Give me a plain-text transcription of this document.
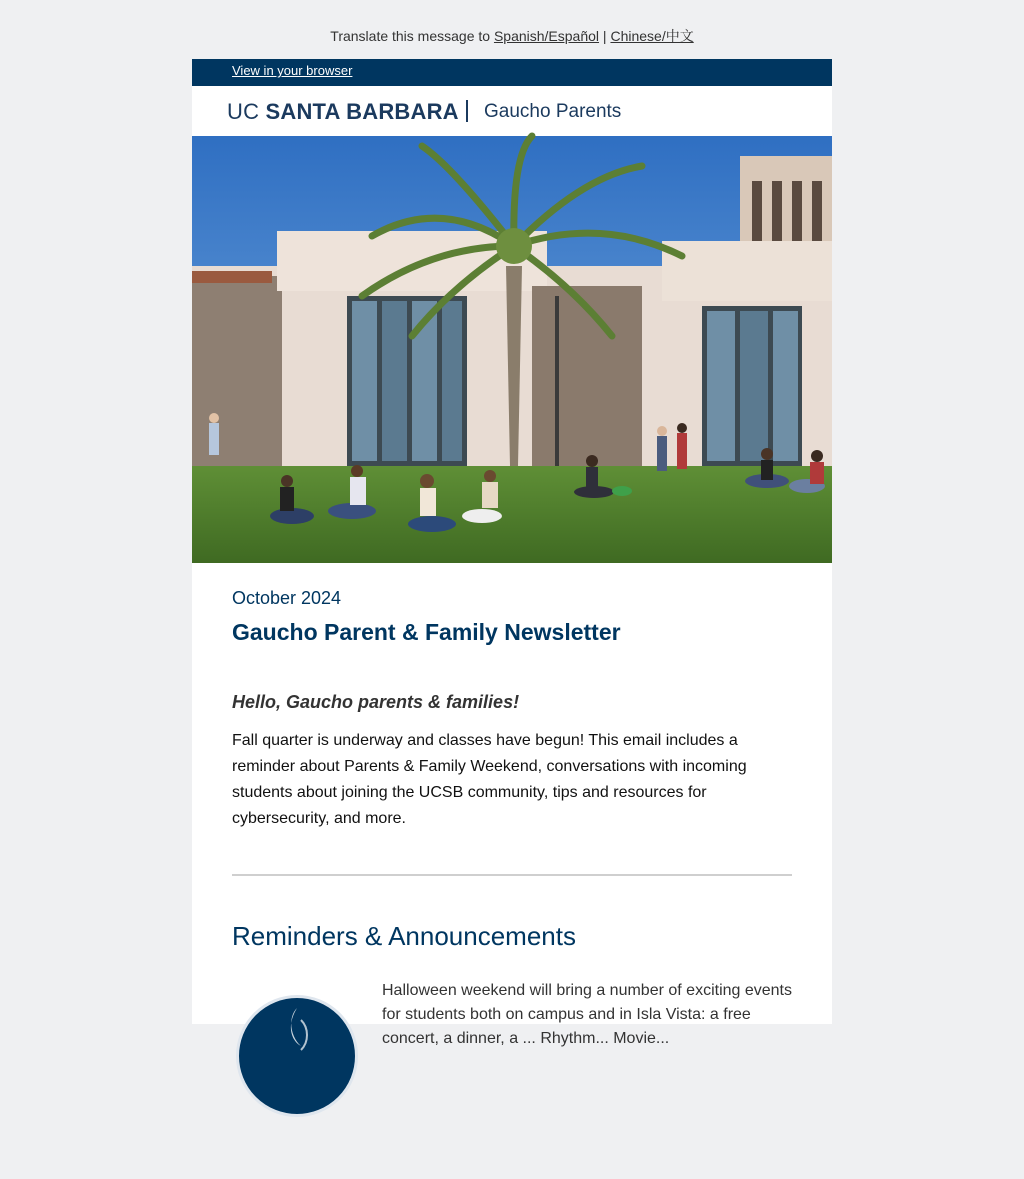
Translate this message to Spanish/Español | Chinese/中文
View in your browser
UC SANTA BARBARA Gaucho Parents
October 2024
Gaucho Parent & Family Newsletter
Hello, Gaucho parents & families!
Fall quarter is underway and classes have begun! This email includes a reminder about Parents & Family Weekend, conversations with incoming students about joining the UCSB community, tips and resources for cybersecurity, and more.
Reminders & Announcements
Halloween weekend will bring a number of exciting events for students both on campus and in Isla Vista: a free concert, a dinner, a ... Rhythm... Movie...
